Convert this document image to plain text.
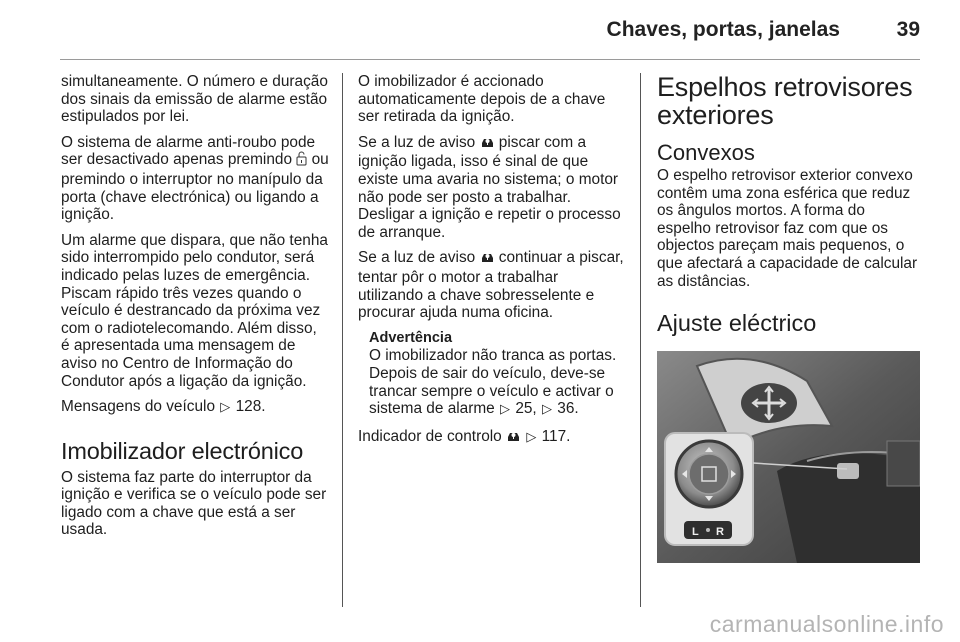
Chaves, portas, janelas	39

simultaneamente. O número e duração dos sinais da emissão de alarme estão estipulados por lei.

O sistema de alarme anti-roubo pode ser desactivado apenas premindo ou premindo o interruptor no manípulo da porta (chave electrónica) ou ligando a ignição.

Um alarme que dispara, que não tenha sido interrompido pelo condutor, será indicado pelas luzes de emergência. Piscam rápido três vezes quando o veículo é destrancado da próxima vez com o radiotelecomando. Além disso, é apresentada uma mensagem de aviso no Centro de Informação do Condutor após a ligação da ignição.

Mensagens do veículo ▷ 128.

Imobilizador electrónico

O sistema faz parte do interruptor da ignição e verifica se o veículo pode ser ligado com a chave que está a ser usada.

O imobilizador é accionado automaticamente depois de a chave ser retirada da ignição.

Se a luz de aviso piscar com a ignição ligada, isso é sinal de que existe uma avaria no sistema; o motor não pode ser posto a trabalhar. Desligar a ignição e repetir o processo de arranque.

Se a luz de aviso continuar a piscar, tentar pôr o motor a trabalhar utilizando a chave sobresselente e procurar ajuda numa oficina.

Advertência
O imobilizador não tranca as portas. Depois de sair do veículo, deve-se trancar sempre o veículo e activar o sistema de alarme ▷ 25, ▷ 36.

Indicador de controlo ▷ 117.

Espelhos retrovisores exteriores
Convexos

O espelho retrovisor exterior convexo contêm uma zona esférica que reduz os ângulos mortos. A forma do espelho retrovisor faz com que os objectos pareçam mais pequenos, o que afectará a capacidade de calcular as distâncias.

Ajuste eléctrico
L R
carmanualsonline.info
